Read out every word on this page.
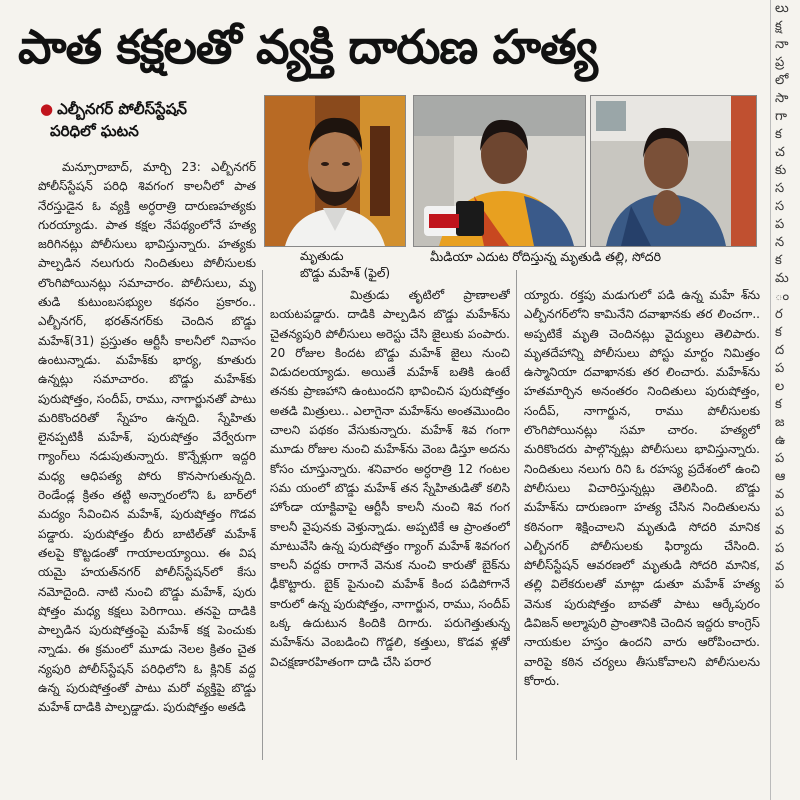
పాత కక్షలతో వ్యక్తి దారుణ హత్య
లు
క్ష
నా
ప్ర
లో
సా
గా
క
చ
కు
స
స
ప
న
క
మ
ం
ర
క
ద
ప
ల
క
జ
ఉ
ప
ఆ
వ
ప
వ
ప
వ
ప
● ఎల్బీనగర్ పోలీస్‌స్టేషన్
పరిధిలో ఘటన
మృతుడు
బొడ్డు మహేశ్ (ఫైల్)
మీడియా ఎదుట రోదిస్తున్న మృతుడి తల్లి, సోదరి

మన్సూరాబాద్, మార్చి 23: ఎల్బీనగర్ పోలీస్‌స్టేషన్ పరిధి శివగంగ కాలనీలో పాత నేరస్తుడైన ఓ వ్యక్తి అర్ధరాత్రి దారుణహత్యకు గురయ్యాడు. పాత కక్షల నేపథ్యంలోనే హత్య జరిగినట్లు పోలీసులు భావిస్తున్నారు. హత్యకు పాల్పడిన నలుగురు నిందితులు పోలీసులకు లొంగిపోయినట్లు సమాచారం. పోలీసులు, మృ తుడి కుటుంబసభ్యుల కథనం ప్రకారం.. ఎల్బీనగర్, భరత్‌నగర్‌కు చెందిన బొడ్డు మహేశ్(31) ప్రస్తుతం ఆర్టీసీ కాలనీలో నివాసం ఉంటున్నాడు. మహేశ్‌కు భార్య, కూతురు ఉన్నట్లు సమాచారం. బొడ్డు మహేశ్‌కు పురుషోత్తం, సందీప్, రాము, నాగార్జునతో పాటు మరికొందరితో స్నేహం ఉన్నది. స్నేహితు లైనప్పటికీ మహేశ్, పురుషోత్తం వేర్వేరుగా గ్యాంగ్‌లు నడుపుతున్నారు. కొన్నేళ్లుగా ఇద్దరి మధ్య ఆధిపత్య పోరు కొనసాగుతున్నది. రెండేండ్ల క్రితం తట్టి అన్నారంలోని ఓ బార్‌లో మద్యం సేవించిన మహేశ్, పురుషోత్తం గొడవ పడ్డారు. పురుషోత్తం బీరు బాటిల్‌తో మహేశ్ తలపై కొట్టడంతో గాయాలయ్యాయి. ఈ విష యమై హయత్‌నగర్ పోలీస్‌స్టేషన్‌లో కేసు నమోదైంది. నాటి నుంచి బొడ్డు మహేశ్, పురు షోత్తం మధ్య కక్షలు పెరిగాయి. తనపై దాడికి పాల్పడిన పురుషోత్తంపై మహేశ్ కక్ష పెంచుకు న్నాడు. ఈ క్రమంలో మూడు నెలల క్రితం చైత న్యపురి పోలీస్‌స్టేషన్ పరిధిలోని ఓ క్లినిక్ వద్ద ఉన్న పురుషోత్తంతో పాటు మరో వ్యక్తిపై బొడ్డు మహేశ్ దాడికి పాల్పడ్డాడు. పురుషోత్తం అతడి

మిత్రుడు తృటిలో ప్రాణాలతో బయటపడ్డారు. దాడికి పాల్పడిన బొడ్డు మహేశ్‌ను చైతన్యపురి పోలీసులు అరెస్టు చేసి జైలుకు పంపారు. 20 రోజుల కిందట బొడ్డు మహేశ్ జైలు నుంచి విడుదలయ్యాడు. అయితే మహేశ్ బతికి ఉంటే తనకు ప్రాణహాని ఉంటుందని భావించిన పురుషోత్తం అతడి మిత్రులు.. ఎలాగైనా మహేశ్‌ను అంతమొందిం చాలని పథకం వేసుకున్నారు. మహేశ్ శివ గంగా మూడు రోజుల నుంచి మహేశ్‌ను వెంబ డిస్తూ అదను కోసం చూస్తున్నారు. శనివారం అర్ధరాత్రి 12 గంటల సమ యంలో బొడ్డు మహేశ్ తన స్నేహితుడితో కలిసి హోండా యాక్టివాపై ఆర్టీసీ కాలనీ నుంచి శివ గంగ కాలనీ వైపునకు వెళ్తున్నాడు. అప్పటికే ఆ ప్రాంతంలో మాటువేసి ఉన్న పురుషోత్తం గ్యాంగ్ మహేశ్ శివగంగ కాలనీ వద్దకు రాగానే వెనుక నుంచి కారుతో బైక్‌ను ఢీకొట్టారు. బైక్ పైనుంచి మహేశ్ కింద పడిపోగానే కారులో ఉన్న పురుషోత్తం, నాగార్జున, రాము, సందీప్ ఒక్క ఉదుటున కిందికి దిగారు. పరుగెత్తుతున్న మహేశ్‌ను వెంబడించి గొడ్డలి, కత్తులు, కొడవ ళ్లతో విచక్షణారహితంగా దాడి చేసి పరార

య్యారు. రక్తపు మడుగులో పడి ఉన్న మహే శ్‌ను ఎల్బీనగర్‌లోని కామినేని దవాఖానకు తర లించగా.. అప్పటికే మృతి చెందినట్లు వైద్యులు తెలిపారు. మృతదేహాన్ని పోలీసులు పోస్టు మార్టం నిమిత్తం ఉస్మానియా దవాఖానకు తర లించారు. మహేశ్‌ను హతమార్చిన అనంతరం నిందితులు పురుషోత్తం, సందీప్, నాగార్జున, రాము పోలీసులకు లొంగిపోయినట్లు సమా చారం. హత్యలో మరికొందరు పాల్గొన్నట్లు పోలీసులు భావిస్తున్నారు. నిందితులు నలుగు రిని ఓ రహస్య ప్రదేశంలో ఉంచి పోలీసులు విచారిస్తున్నట్లు తెలిసింది. బొడ్డు మహేశ్‌ను దారుణంగా హత్య చేసిన నిందితులను కఠినంగా శిక్షించాలని మృతుడి సోదరి మానిక ఎల్బీనగర్ పోలీసులకు ఫిర్యాదు చేసింది. పోలీస్‌స్టేషన్ ఆవరణలో మృతుడి సోదరి మానిక, తల్లి విలేకరులతో మాట్లా డుతూ మహేశ్ హత్య వెనుక పురుషోత్తం బావతో పాటు ఆర్కేపురం డివిజన్ అల్మాపురి ప్రాంతానికి చెందిన ఇద్దరు కాంగ్రెస్ నాయకుల హస్తం ఉందని వారు ఆరోపించారు. వారిపై కఠిన చర్యలు తీసుకోవాలని పోలీసులను కోరారు.
